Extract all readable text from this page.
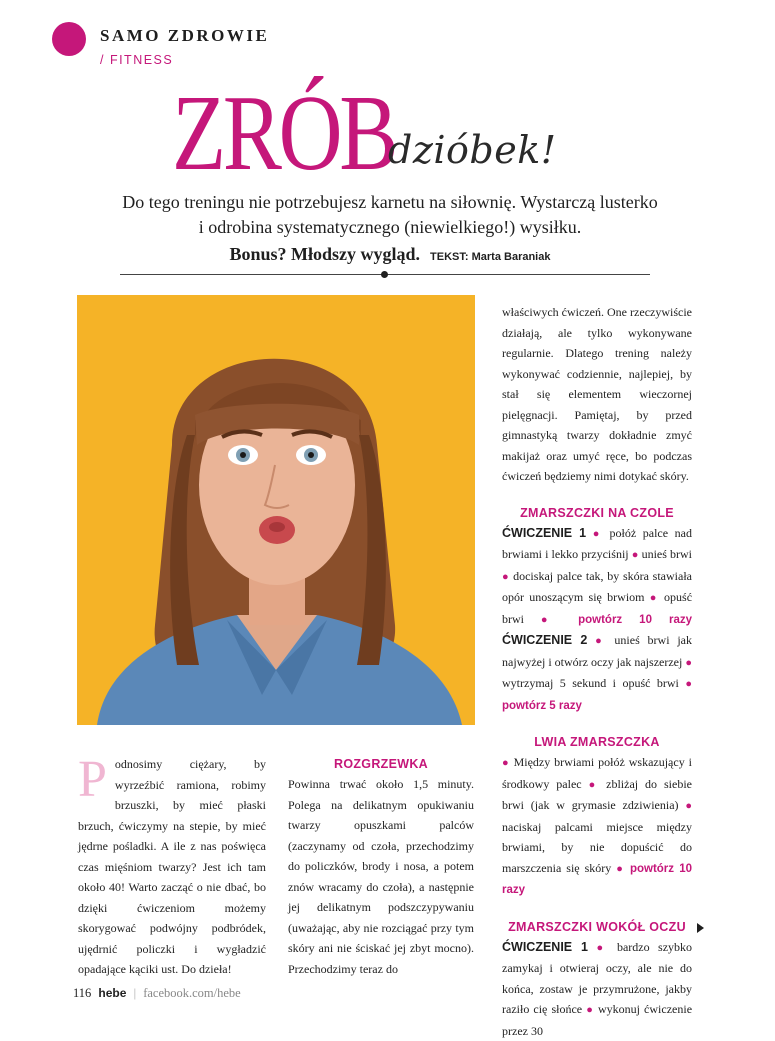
SAMO ZDROWIE
/ FITNESS
ZRÓB
dzióbek!
Do tego treningu nie potrzebujesz karnetu na siłownię. Wystarczą lusterko
i odrobina systematycznego (niewielkiego!) wysiłku.
Bonus? Młodszy wygląd. TEKST: Marta Baraniak
P odnosimy ciężary, by wyrzeźbić ramiona, robimy brzuszki, by mieć płaski brzuch, ćwiczymy na stepie, by mieć jędrne pośladki. A ile z nas poświęca czas mięśniom twarzy? Jest ich tam około 40! Warto zacząć o nie dbać, bo dzięki ćwiczeniom możemy skorygować podwójny podbródek, ujędrnić policzki i wygładzić opadające kąciki ust. Do dzieła!
ROZGRZEWKA
Powinna trwać około 1,5 minuty. Polega na delikatnym opukiwaniu twarzy opuszkami palców (zaczynamy od czoła, przechodzimy do policzków, brody i nosa, a potem znów wracamy do czoła), a następnie jej delikatnym podszczypywaniu (uważając, aby nie rozciągać przy tym skóry ani nie ściskać jej zbyt mocno). Przechodzimy teraz do
właściwych ćwiczeń. One rzeczywiście działają, ale tylko wykonywane regularnie. Dlatego trening należy wykonywać codziennie, najlepiej, by stał się elementem wieczornej pielęgnacji. Pamiętaj, by przed gimnastyką twarzy dokładnie zmyć makijaż oraz umyć ręce, bo podczas ćwiczeń będziemy nimi dotykać skóry.
ZMARSZCZKI NA CZOLE
ĆWICZENIE 1 ● połóż palce nad brwiami i lekko przyciśnij ● unieś brwi ● dociskaj palce tak, by skóra stawiała opór unoszącym się brwiom ● opuść brwi ● powtórz 10 razy ĆWICZENIE 2 ● unieś brwi jak najwyżej i otwórz oczy jak najszerzej ● wytrzymaj 5 sekund i opuść brwi ● powtórz 5 razy
LWIA ZMARSZCZKA
● Między brwiami połóż wskazujący i środkowy palec ● zbliżaj do siebie brwi (jak w grymasie zdziwienia) ● naciskaj palcami miejsce między brwiami, by nie dopuścić do marszczenia się skóry ● powtórz 10 razy
ZMARSZCZKI WOKÓŁ OCZU
ĆWICZENIE 1 ● bardzo szybko zamykaj i otwieraj oczy, ale nie do końca, zostaw je przymrużone, jakby raziło cię słońce ● wykonuj ćwiczenie przez 30
116 hebe | facebook.com/hebe
